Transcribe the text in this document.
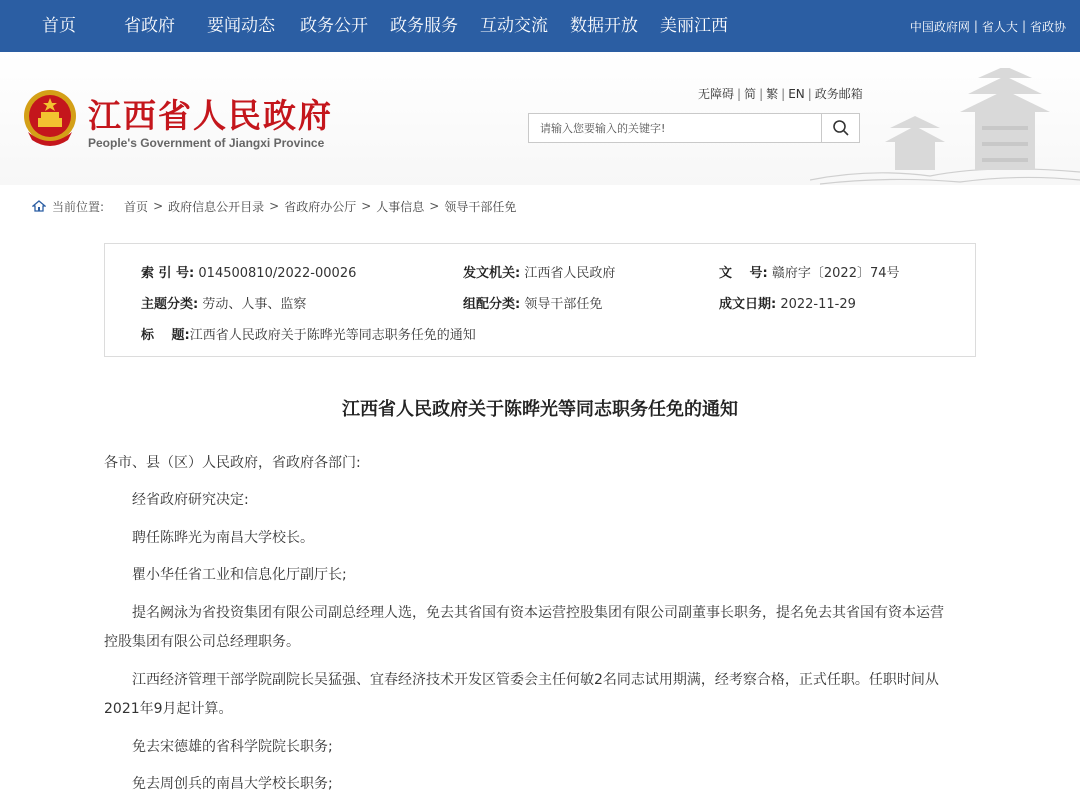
首页	省政府 要闻动态 政务公开 政务服务 互动交流 数据开放 美丽江西	中国政府网 | 省人大 | 省政协
江西省人民政府
People's Government of Jiangxi Province
无障碍 | 简 | 繁 | EN | 政务邮箱
请输入您要输入的关键字!
当前位置: 首页 > 政府信息公开目录 > 省政府办公厅 > 人事信息 > 领导干部任免
索 引 号: 014500810/2022-00026	发文机关: 江西省人民政府	文　 号: 赣府字〔2022〕74号
主题分类: 劳动、人事、监察	组配分类: 领导干部任免	成文日期: 2022-11-29
标　 题:江西省人民政府关于陈晔光等同志职务任免的通知
江西省人民政府关于陈晔光等同志职务任免的通知
各市、县（区）人民政府，省政府各部门:
经省政府研究决定:
聘任陈晔光为南昌大学校长。
瞿小华任省工业和信息化厅副厅长;
提名阙泳为省投资集团有限公司副总经理人选，免去其省国有资本运营控股集团有限公司副董事长职务，提名免去其省国有资本运营
控股集团有限公司总经理职务。
江西经济管理干部学院副院长吴猛强、宜春经济技术开发区管委会主任何敏2名同志试用期满，经考察合格，正式任职。任职时间从
2021年9月起计算。
免去宋德雄的省科学院院长职务;
免去周创兵的南昌大学校长职务;
